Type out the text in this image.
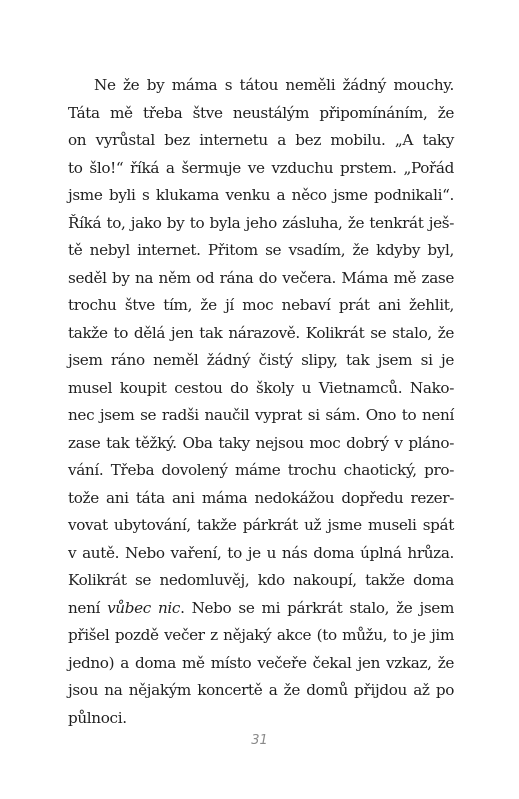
Ne že by máma s tátou neměli žádný mouchy.
Táta mě třeba štve neustálým připomínáním, že
on vyrůstal bez internetu a bez mobilu. „A taky
to šlo!“ říká a šermuje ve vzduchu prstem. „Pořád
jsme byli s klukama venku a něco jsme podnikali“.
Říká to, jako by to byla jeho zásluha, že tenkrát ješ-
tě nebyl internet. Přitom se vsadím, že kdyby byl,
seděl by na něm od rána do večera. Máma mě zase
trochu štve tím, že jí moc nebaví prát ani žehlit,
takže to dělá jen tak nárazově. Kolikrát se stalo, že
jsem ráno neměl žádný čistý slipy, tak jsem si je
musel koupit cestou do školy u Vietnamců. Nako-
nec jsem se radši naučil vyprat si sám. Ono to není
zase tak těžký. Oba taky nejsou moc dobrý v pláno-
vání. Třeba dovolený máme trochu chaotický, pro-
tože ani táta ani máma nedokážou dopředu rezer-
vovat ubytování, takže párkrát už jsme museli spát
v autě. Nebo vaření, to je u nás doma úplná hrůza.
Kolikrát se nedomluvěj, kdo nakoupí, takže doma
není vůbec nic. Nebo se mi párkrát stalo, že jsem
přišel pozdě večer z nějaký akce (to můžu, to je jim
jedno) a doma mě místo večeře čekal jen vzkaz, že
jsou na nějakým koncertě a že domů přijdou až po
půlnoci.
31
